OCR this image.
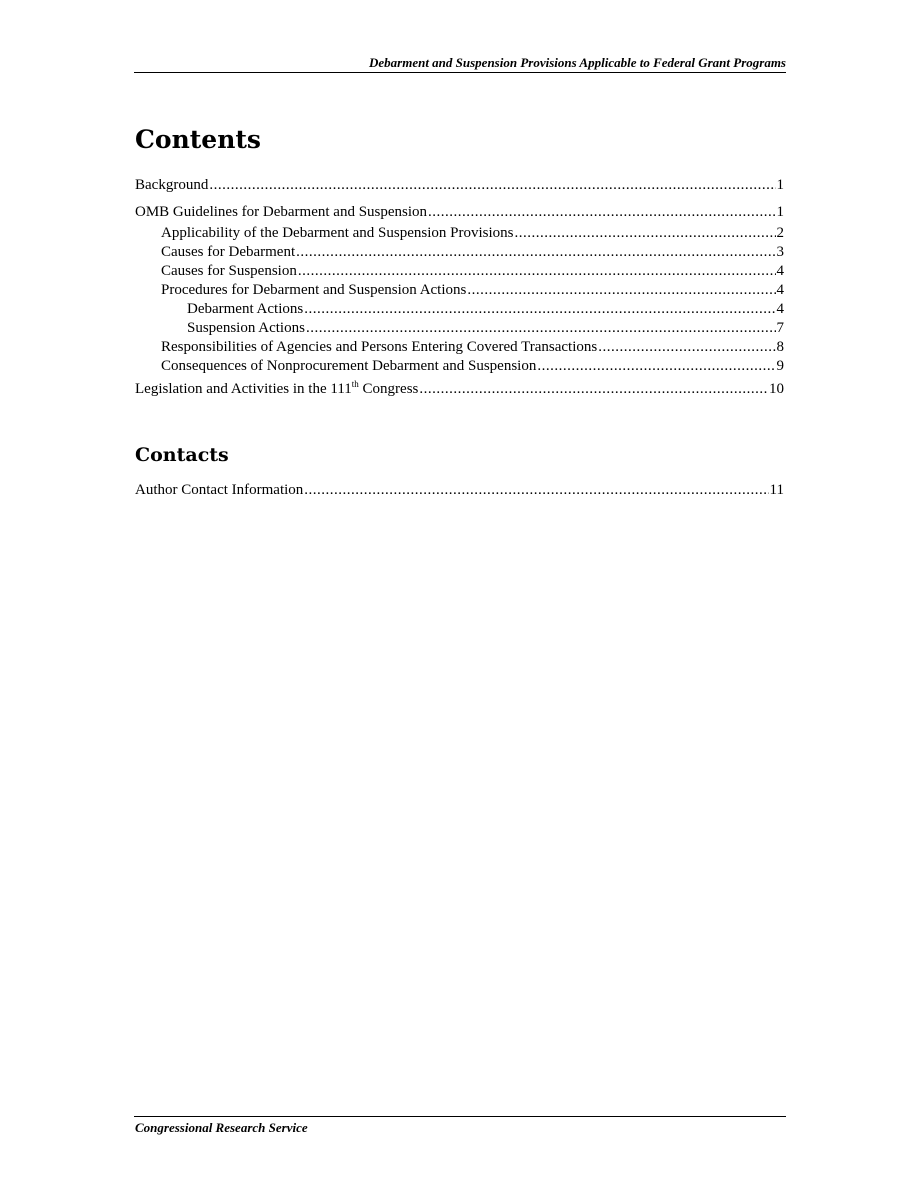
Debarment and Suspension Provisions Applicable to Federal Grant Programs
Contents
Background .....	1
OMB Guidelines for Debarment and Suspension .....	1
Applicability of the Debarment and Suspension Provisions .....	2
Causes for Debarment .....	3
Causes for Suspension .....	4
Procedures for Debarment and Suspension Actions .....	4
Debarment Actions .....	4
Suspension Actions .....	7
Responsibilities of Agencies and Persons Entering Covered Transactions .....	8
Consequences of Nonprocurement Debarment and Suspension .....	9
Legislation and Activities in the 111th Congress .....	10
Contacts
Author Contact Information .....	11
Congressional Research Service
